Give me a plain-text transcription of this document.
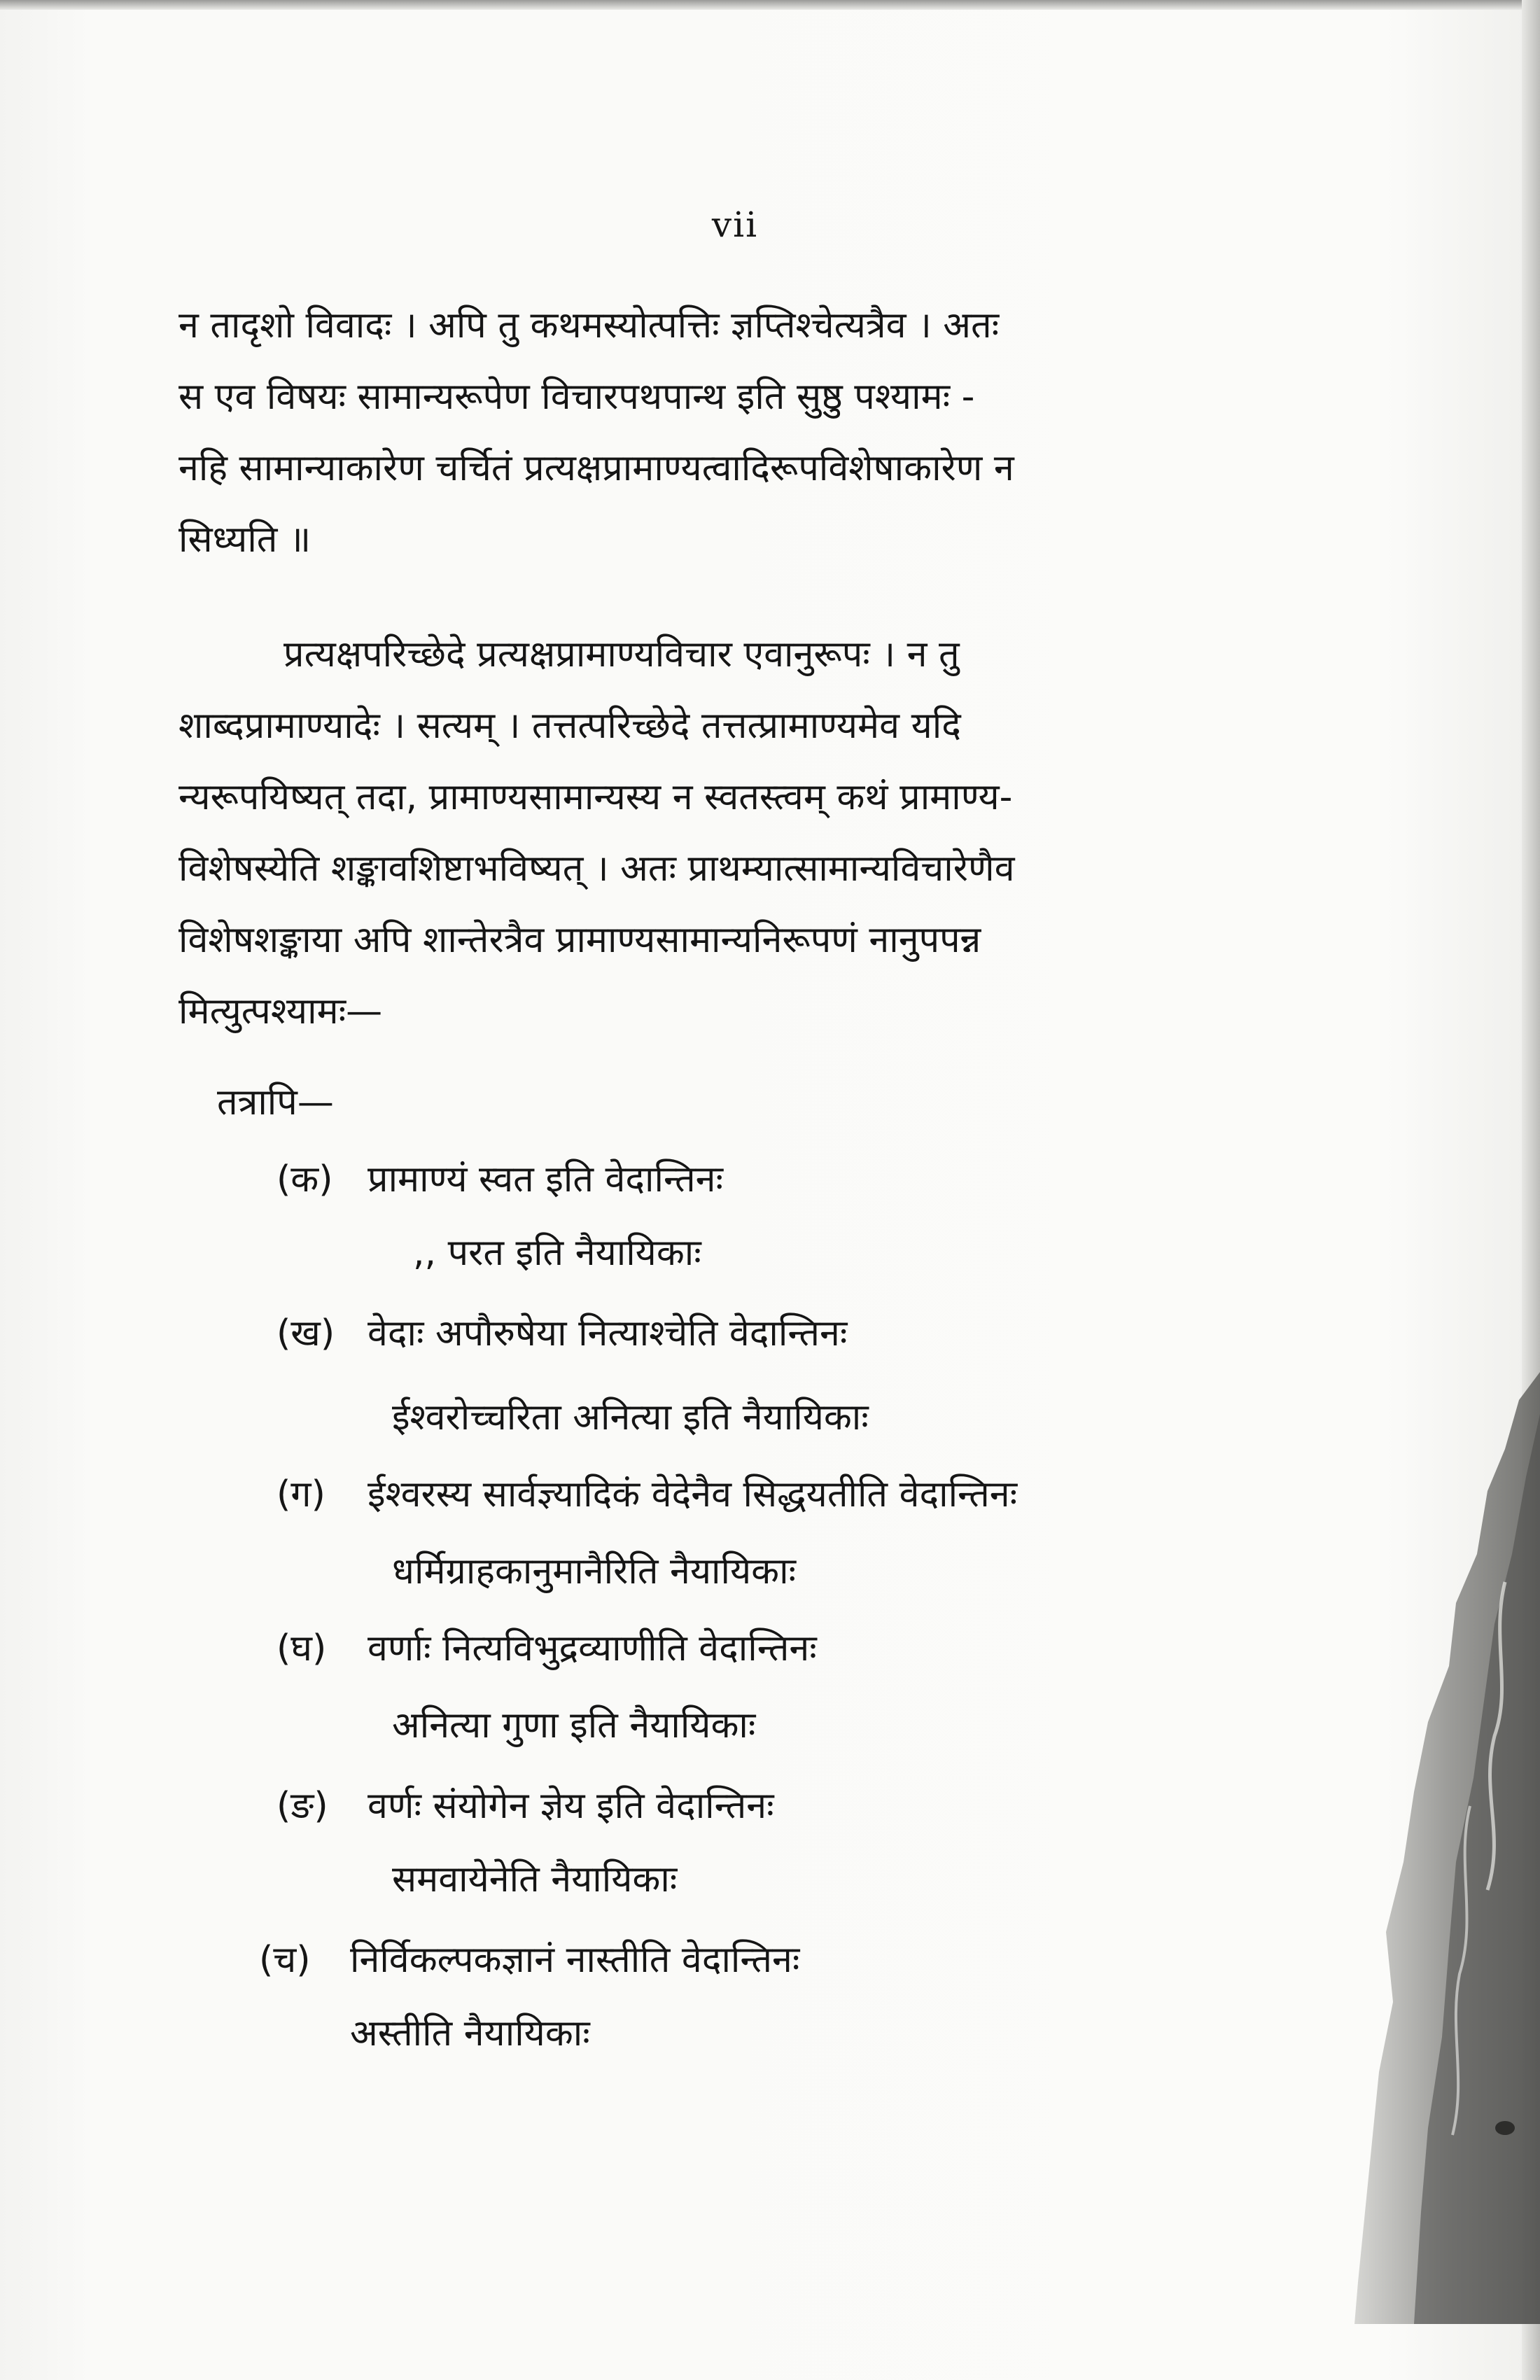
vii
न तादृशो विवादः । अपि तु कथमस्योत्पत्तिः ज्ञप्तिश्चेत्यत्रैव । अतः
स एव विषयः सामान्यरूपेण विचारपथपान्थ इति सुष्ठु पश्यामः -
नहि सामान्याकारेण चर्चितं प्रत्यक्षप्रामाण्यत्वादिरूपविशेषाकारेण न
सिध्यति ॥
प्रत्यक्षपरिच्छेदे प्रत्यक्षप्रामाण्यविचार एवानुरूपः । न तु
शाब्दप्रामाण्यादेः । सत्यम् । तत्तत्परिच्छेदे तत्तत्प्रामाण्यमेव यदि
न्यरूपयिष्यत् तदा, प्रामाण्यसामान्यस्य न स्वतस्त्वम् कथं प्रामाण्य-
विशेषस्येति शङ्कावशिष्टाभविष्यत् । अतः प्राथम्यात्सामान्यविचारेणैव
विशेषशङ्काया अपि शान्तेरत्रैव प्रामाण्यसामान्यनिरूपणं नानुपपन्न
मित्युत्पश्यामः—
तत्रापि—
(क) प्रामाण्यं स्वत इति वेदान्तिनः
,, परत इति नैयायिकाः
(ख) वेदाः अपौरुषेया नित्याश्चेति वेदान्तिनः
ईश्वरोच्चरिता अनित्या इति नैयायिकाः
(ग) ईश्वरस्य सार्वज्ञ्यादिकं वेदेनैव सिद्धयतीति वेदान्तिनः
धर्मिग्राहकानुमानैरिति नैयायिकाः
(घ) वर्णाः नित्यविभुद्रव्याणीति वेदान्तिनः
अनित्या गुणा इति नैयायिकाः
(ङ) वर्णः संयोगेन ज्ञेय इति वेदान्तिनः
समवायेनेति नैयायिकाः
(च) निर्विकल्पकज्ञानं नास्तीति वेदान्तिनः
अस्तीति नैयायिकाः
